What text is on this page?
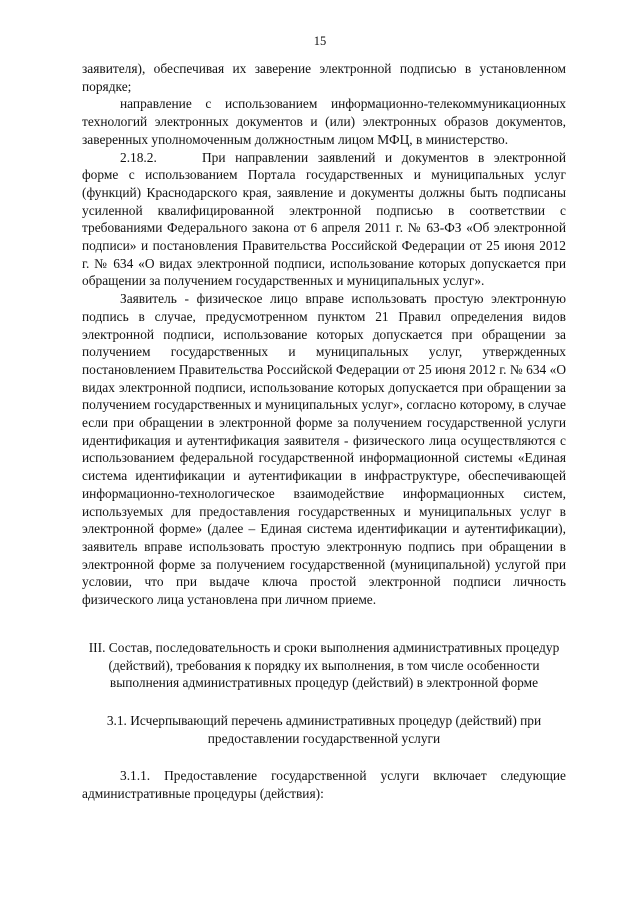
15

заявителя), обеспечивая их заверение электронной подписью в установленном порядке;

направление с использованием информационно-телекоммуникационных технологий электронных документов и (или) электронных образов документов, заверенных уполномоченным должностным лицом МФЦ, в министерство.

2.18.2.	При направлении заявлений и документов в электронной форме с использованием Портала государственных и муниципальных услуг (функций) Краснодарского края, заявление и документы должны быть подписаны усиленной квалифицированной электронной подписью в соответствии с требованиями Федерального закона от 6 апреля 2011 г. № 63-ФЗ «Об электронной подписи» и постановления Правительства Российской Федерации от 25 июня 2012 г. № 634 «О видах электронной подписи, использование которых допускается при обращении за получением государственных и муниципальных услуг».

Заявитель - физическое лицо вправе использовать простую электронную подпись в случае, предусмотренном пунктом 21 Правил определения видов электронной подписи, использование которых допускается при обращении за получением государственных и муниципальных услуг, утвержденных постановлением Правительства Российской Федерации от 25 июня 2012 г. № 634 «О видах электронной подписи, использование которых допускается при обращении за получением государственных и муниципальных услуг», согласно которому, в случае если при обращении в электронной форме за получением государственной услуги идентификация и аутентификация заявителя - физического лица осуществляются с использованием федеральной государственной информационной системы «Единая система идентификации и аутентификации в инфраструктуре, обеспечивающей информационно-технологическое взаимодействие информационных систем, используемых для предоставления государственных и муниципальных услуг в электронной форме» (далее – Единая система идентификации и аутентификации), заявитель вправе использовать простую электронную подпись при обращении в электронной форме за получением государственной (муниципальной) услугой при условии, что при выдаче ключа простой электронной подписи личность физического лица установлена при личном приеме.

III. Состав, последовательность и сроки выполнения административных процедур (действий), требования к порядку их выполнения, в том числе особенности выполнения административных процедур (действий) в электронной форме

3.1. Исчерпывающий перечень административных процедур (действий) при предоставлении государственной услуги

3.1.1. Предоставление государственной услуги включает следующие административные процедуры (действия):
